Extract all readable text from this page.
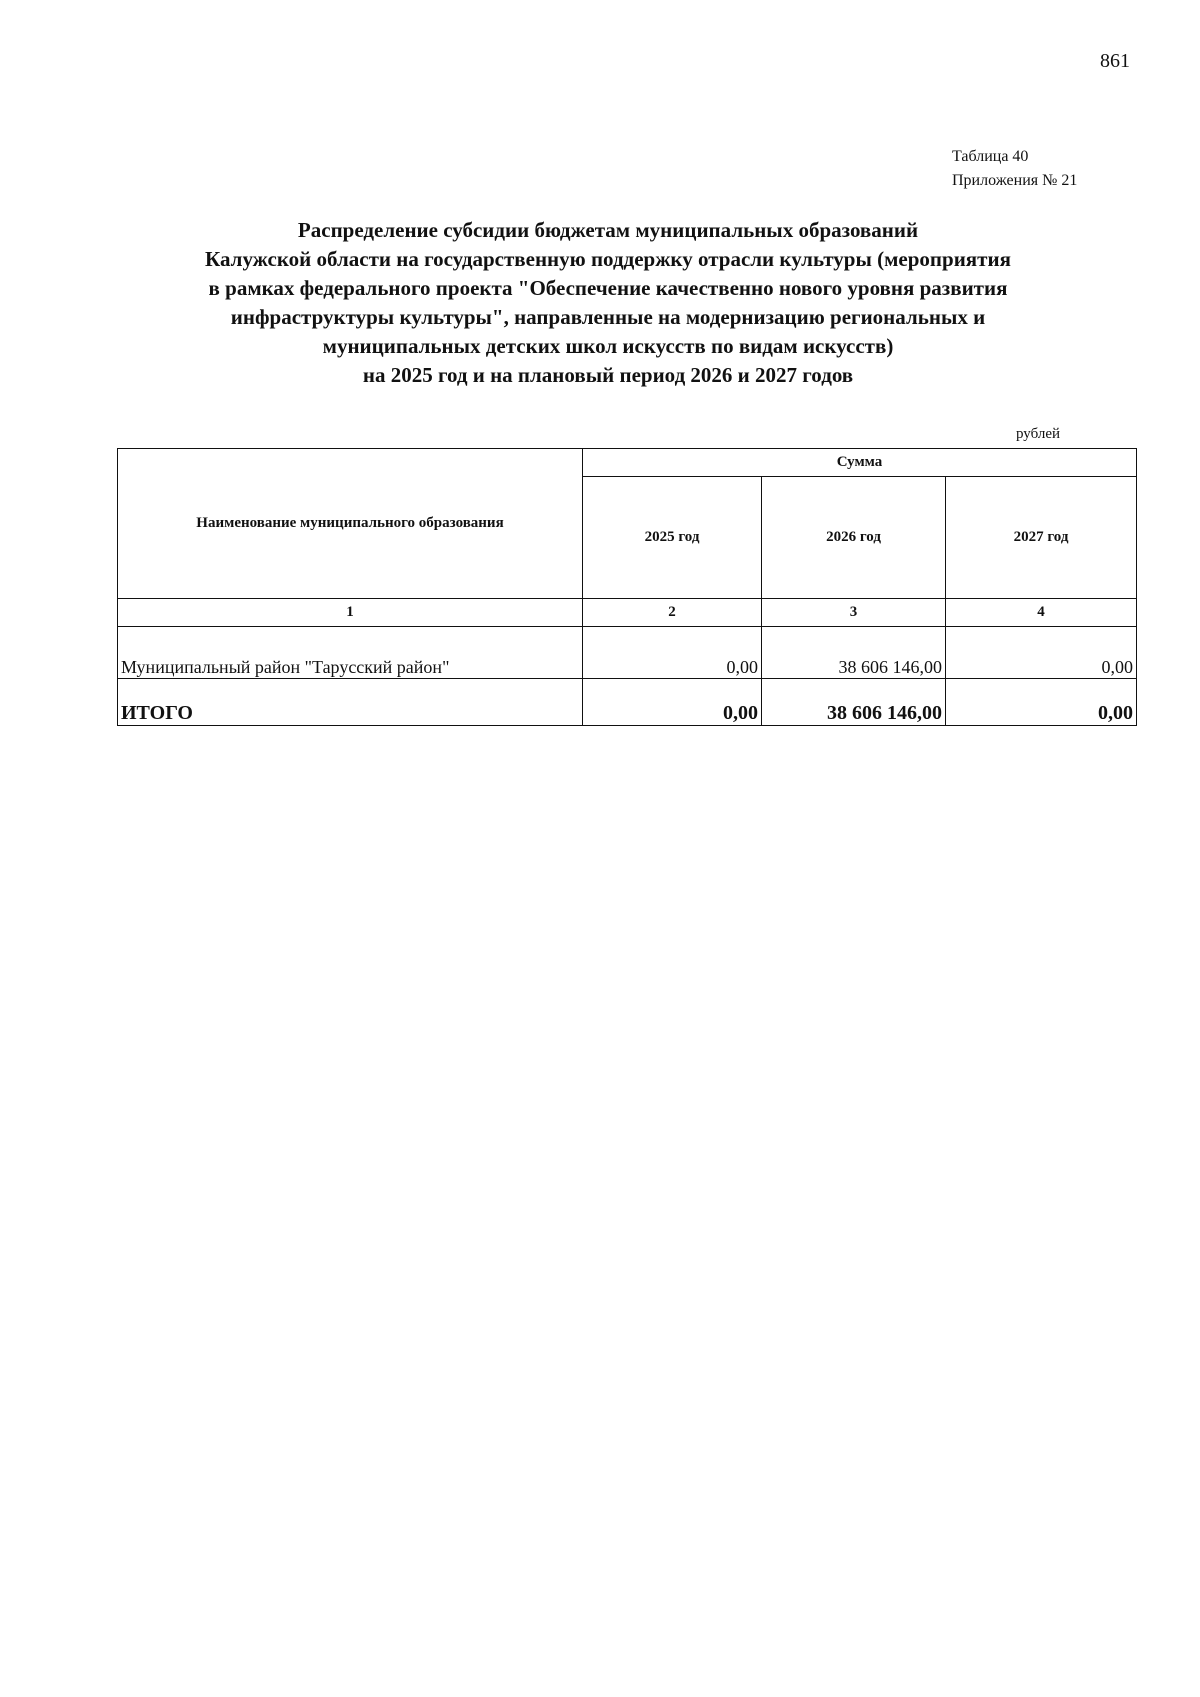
861
Таблица 40
Приложения № 21
Распределение субсидии бюджетам муниципальных образований
Калужской области на государственную поддержку отрасли культуры (мероприятия
в рамках федерального проекта "Обеспечение качественно нового уровня развития
инфраструктуры культуры", направленные на модернизацию региональных и
муниципальных детских школ искусств по видам искусств)
на 2025 год и на плановый период 2026 и 2027 годов
рублей
Наименование муниципального образования	Сумма		
	2025 год	2026 год	2027 год
1	2	3	4
Муниципальный район "Тарусский район"	0,00	38 606 146,00	0,00
ИТОГО	0,00	38 606 146,00	0,00
